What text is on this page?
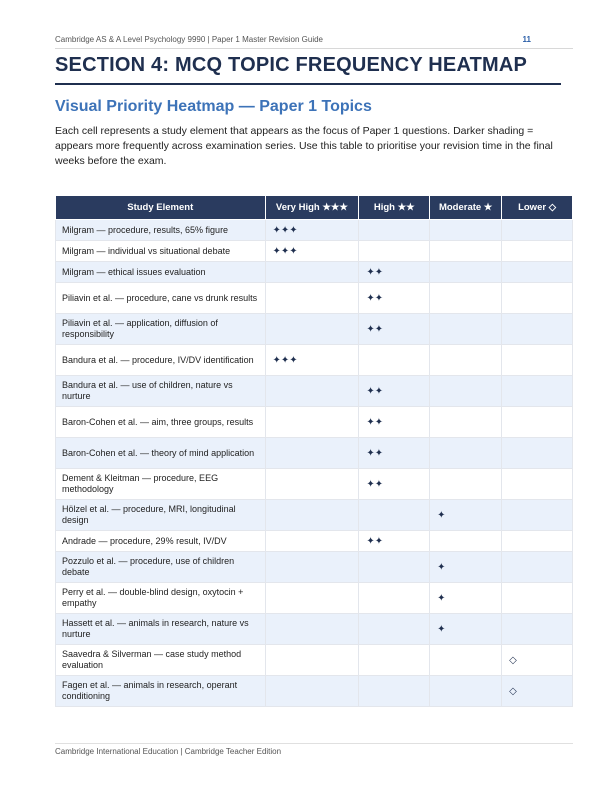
Cambridge AS & A Level Psychology 9990 | Paper 1 Master Revision Guide	11
SECTION 4: MCQ TOPIC FREQUENCY HEATMAP
Visual Priority Heatmap — Paper 1 Topics
Each cell represents a study element that appears as the focus of Paper 1 questions. Darker shading = appears more frequently across examination series. Use this table to prioritise your revision time in the final weeks before the exam.
Study Element	Very High ★★★	High ★★	Moderate ★	Lower ◇
Milgram — procedure, results, 65% figure	✦✦✦			
Milgram — individual vs situational debate	✦✦✦			
Milgram — ethical issues evaluation		✦✦		
Piliavin et al. — procedure, cane vs drunk results		✦✦		
Piliavin et al. — application, diffusion of responsibility		✦✦		
Bandura et al. — procedure, IV/DV identification	✦✦✦			
Bandura et al. — use of children, nature vs nurture		✦✦		
Baron-Cohen et al. — aim, three groups, results		✦✦		
Baron-Cohen et al. — theory of mind application		✦✦		
Dement & Kleitman — procedure, EEG methodology		✦✦		
Hölzel et al. — procedure, MRI, longitudinal design			✦	
Andrade — procedure, 29% result, IV/DV		✦✦		
Pozzulo et al. — procedure, use of children debate			✦	
Perry et al. — double-blind design, oxytocin + empathy			✦	
Hassett et al. — animals in research, nature vs nurture			✦	
Saavedra & Silverman — case study method evaluation				◇
Fagen et al. — animals in research, operant conditioning				◇
Cambridge International Education | Cambridge Teacher Edition
